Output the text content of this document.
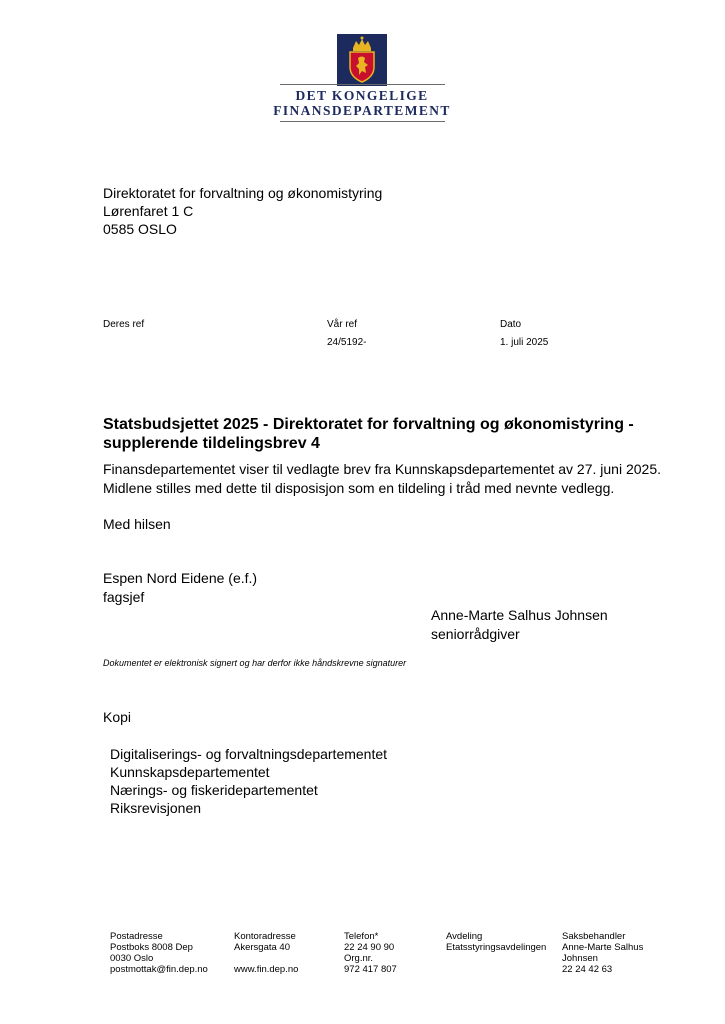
DET KONGELIGE
FINANSDEPARTEMENT
Direktoratet for forvaltning og økonomistyring
Lørenfaret 1 C
0585 OSLO
Deres ref	Vår ref
24/5192-
Dato
1. juli 2025
Statsbudsjettet 2025 - Direktoratet for forvaltning og økonomistyring -
supplerende tildelingsbrev 4
Finansdepartementet viser til vedlagte brev fra Kunnskapsdepartementet av 27. juni 2025.
Midlene stilles med dette til disposisjon som en tildeling i tråd med nevnte vedlegg.
Med hilsen
Espen Nord Eidene (e.f.)
fagsjef
Anne-Marte Salhus Johnsen
seniorrådgiver
Dokumentet er elektronisk signert og har derfor ikke håndskrevne signaturer
Kopi
Digitaliserings- og forvaltningsdepartementet
Kunnskapsdepartementet
Nærings- og fiskeridepartementet
Riksrevisjonen
Postadresse
Postboks 8008 Dep
0030 Oslo
postmottak@fin.dep.no
Kontoradresse
Akersgata 40

www.fin.dep.no
Telefon*
22 24 90 90
Org.nr.
972 417 807
Avdeling
Etatsstyringsavdelingen
Saksbehandler
Anne-Marte Salhus
Johnsen
22 24 42 63
